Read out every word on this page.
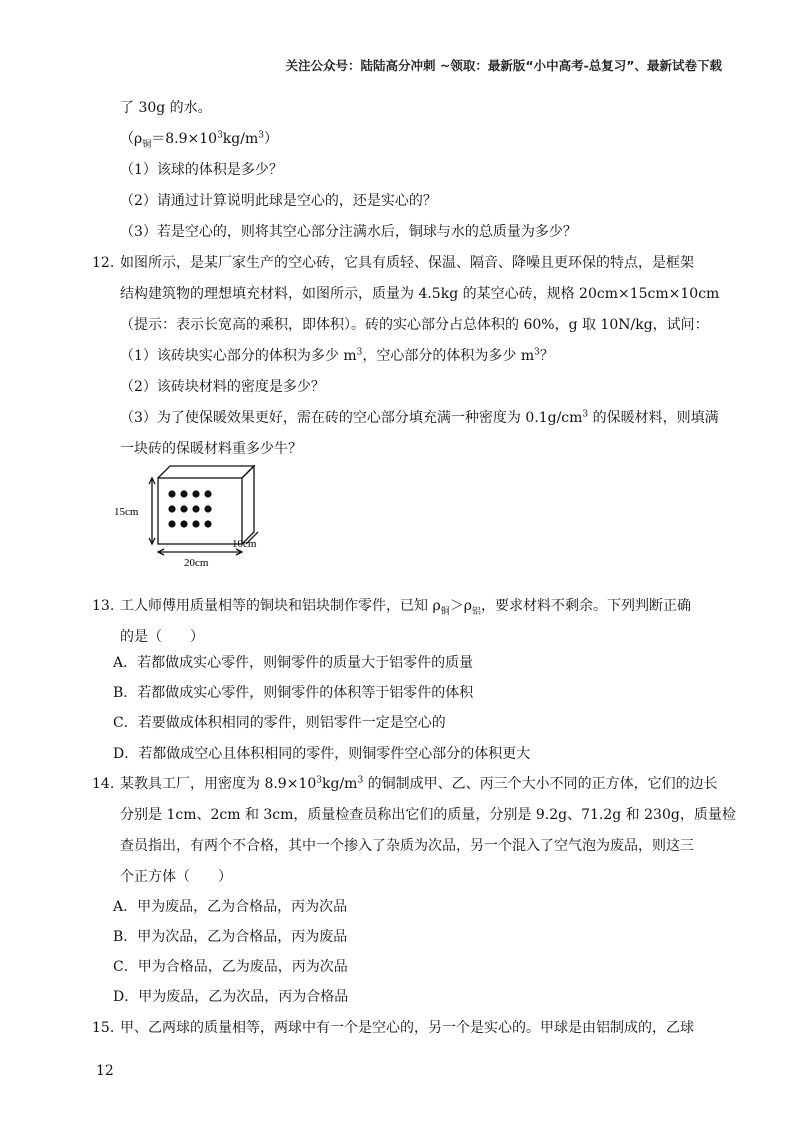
关注公众号：陆陆高分冲刺 ~领取：最新版“小中高考-总复习”、最新试卷下载
了 30g 的水。
$(\rho_铜=8.9\times 10^3kg/m^3)$
（1）该球的体积是多少？
（2）请通过计算说明此球是空心的，还是实心的？
（3）若是空心的，则将其空心部分注满水后，铜球与水的总质量为多少？
12. 如图所示，是某厂家生产的空心砖，它具有质轻、保温、隔音、降噪且更环保的特点，是框架
结构建筑物的理想填充材料，如图所示，质量为 4.5kg 的某空心砖，规格 20cm×15cm×10cm
（提示：表示长宽高的乘积，即体积）。砖的实心部分占总体积的 60%，g 取 10N/kg，试问：
（1）该砖块实心部分的体积为多少 $m^3$，空心部分的体积为多少 $m^3$？
（2）该砖块材料的密度是多少？
（3）为了使保暖效果更好，需在砖的空心部分填充满一种密度为 $0.1g/cm^3$ 的保暖材料，则填满
一块砖的保暖材料重多少牛？
15cm
10cm
20cm
13. 工人师傅用质量相等的铜块和铝块制作零件，已知 $\rho_铜>\rho_铝$，要求材料不剩余。下列判断正确
的是（　　）
A．若都做成实心零件，则铜零件的质量大于铝零件的质量
B．若都做成实心零件，则铜零件的体积等于铝零件的体积
C．若要做成体积相同的零件，则铝零件一定是空心的
D．若都做成空心且体积相同的零件，则铜零件空心部分的体积更大
14. 某教具工厂，用密度为 $8.9\times 10^3kg/m^3$ 的铜制成甲、乙、丙三个大小不同的正方体，它们的边长
分别是 1cm、2cm 和 3cm，质量检查员称出它们的质量，分别是 9.2g、71.2g 和 230g，质量检
查员指出，有两个不合格，其中一个掺入了杂质为次品，另一个混入了空气泡为废品，则这三
个正方体（　　）
A．甲为废品，乙为合格品，丙为次品
B．甲为次品，乙为合格品，丙为废品
C．甲为合格品，乙为废品，丙为次品
D．甲为废品，乙为次品，丙为合格品
15. 甲、乙两球的质量相等，两球中有一个是空心的，另一个是实心的。甲球是由铝制成的，乙球
12
